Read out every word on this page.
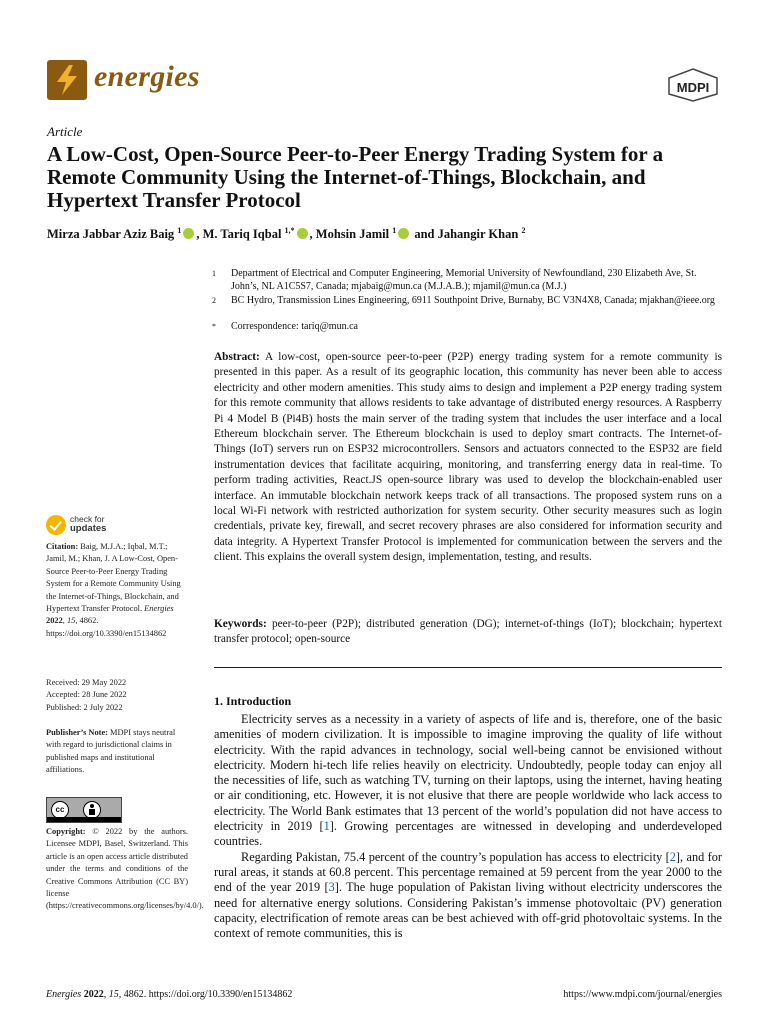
energies	MDPI
Article
A Low-Cost, Open-Source Peer-to-Peer Energy Trading System for a Remote Community Using the Internet-of-Things, Blockchain, and Hypertext Transfer Protocol
Mirza Jabbar Aziz Baig $^1$ , M. Tariq Iqbal $^{1,*}$ , Mohsin Jamil $^1$ and Jahangir Khan $^2$
1	Department of Electrical and Computer Engineering, Memorial University of Newfoundland, 230 Elizabeth Ave, St. John’s, NL A1C5S7, Canada; mjabaig@mun.ca (M.J.A.B.); mjamil@mun.ca (M.J.)
2	BC Hydro, Transmission Lines Engineering, 6911 Southpoint Drive, Burnaby, BC V3N4X8, Canada; mjakhan@ieee.org
*	Correspondence: tariq@mun.ca
Abstract: A low-cost, open-source peer-to-peer (P2P) energy trading system for a remote community is presented in this paper. As a result of its geographic location, this community has never been able to access electricity and other modern amenities. This study aims to design and implement a P2P energy trading system for this remote community that allows residents to take advantage of distributed energy resources. A Raspberry Pi 4 Model B (Pi4B) hosts the main server of the trading system that includes the user interface and a local Ethereum blockchain server. The Ethereum blockchain is used to deploy smart contracts. The Internet-of-Things (IoT) servers run on ESP32 microcontrollers. Sensors and actuators connected to the ESP32 are field instrumentation devices that facilitate acquiring, monitoring, and transferring energy data in real-time. To perform trading activities, React.JS open-source library was used to develop the blockchain-enabled user interface. An immutable blockchain network keeps track of all transactions. The proposed system runs on a local Wi-Fi network with restricted authorization for system security. Other security measures such as login credentials, private key, firewall, and secret recovery phrases are also considered for information security and data integrity. A Hypertext Transfer Protocol is implemented for communication between the servers and the client. This explains the overall system design, implementation, testing, and results.
Keywords: peer-to-peer (P2P); distributed generation (DG); internet-of-things (IoT); blockchain; hypertext transfer protocol; open-source
1. Introduction

Electricity serves as a necessity in a variety of aspects of life and is, therefore, one of the basic amenities of modern civilization. It is impossible to imagine improving the quality of life without electricity. With the rapid advances in technology, social well-being cannot be envisioned without electricity. Modern hi-tech life relies heavily on electricity. Undoubtedly, people today can enjoy all the necessities of life, such as watching TV, turning on their laptops, using the internet, having heating or air conditioning, etc. However, it is not elusive that there are people worldwide who lack access to electricity. The World Bank estimates that 13 percent of the world’s population did not have access to electricity in 2019 [1]. Growing percentages are witnessed in developing and underdeveloped countries.

Regarding Pakistan, 75.4 percent of the country’s population has access to electricity [2], and for rural areas, it stands at 60.8 percent. This percentage remained at 59 percent from the year 2000 to the end of the year 2019 [3]. The huge population of Pakistan living without electricity underscores the need for alternative energy solutions. Considering Pakistan’s immense photovoltaic (PV) generation capacity, electrification of remote areas can be best achieved with off-grid photovoltaic systems. In the context of remote communities, this is

check for
updates
Citation: Baig, M.J.A.; Iqbal, M.T.; Jamil, M.; Khan, J. A Low-Cost, Open-Source Peer-to-Peer Energy Trading System for a Remote Community Using the Internet-of-Things, Blockchain, and Hypertext Transfer Protocol. Energies 2022, 15, 4862. https://doi.org/10.3390/en15134862
Received: 29 May 2022
Accepted: 28 June 2022
Published: 2 July 2022
Publisher’s Note: MDPI stays neutral with regard to jurisdictional claims in published maps and institutional affiliations.
cc
Copyright: © 2022 by the authors. Licensee MDPI, Basel, Switzerland. This article is an open access article distributed under the terms and conditions of the Creative Commons Attribution (CC BY) license (https://creativecommons.org/licenses/by/4.0/).
Energies 2022, 15, 4862. https://doi.org/10.3390/en15134862	https://www.mdpi.com/journal/energies
